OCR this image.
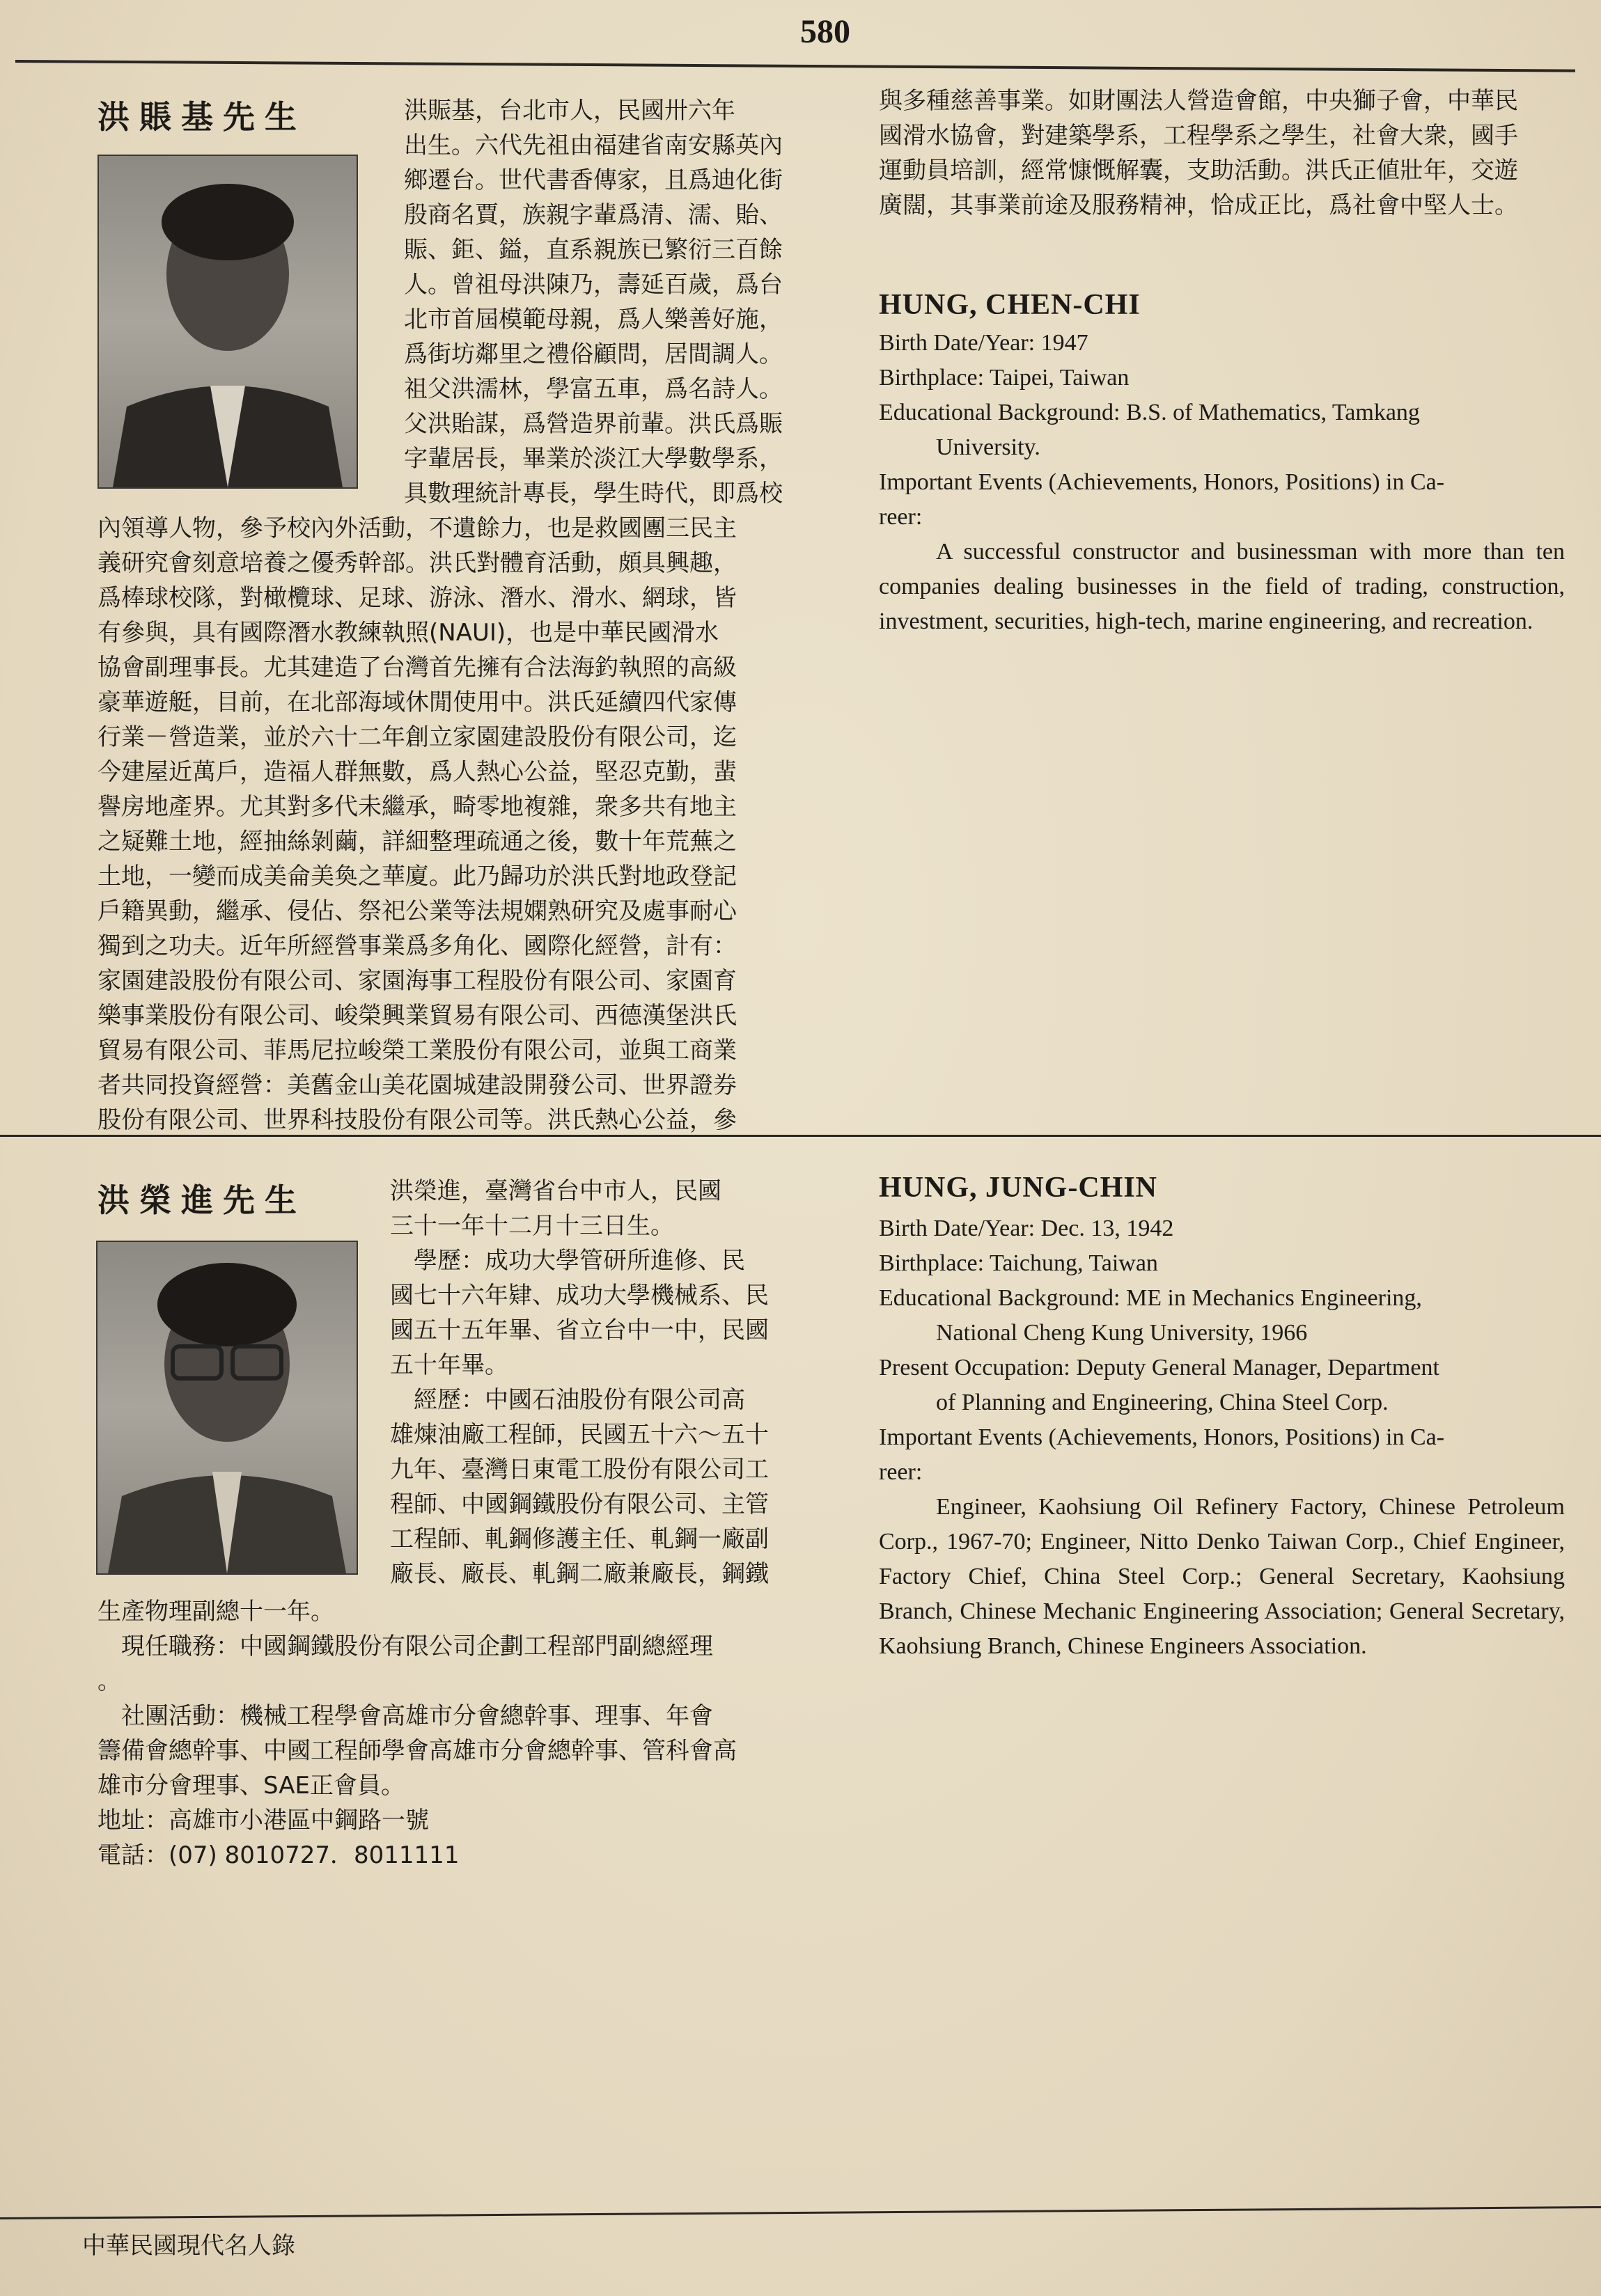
580
洪賬基先生	洪賑基，台北市人，民國卅六年
出生。六代先祖由福建省南安縣英內
鄉遷台。世代書香傳家，且爲迪化街
殷商名賈，族親字輩爲清、濡、貽、
賑、鉅、鎰，直系親族已繁衍三百餘
人。曾祖母洪陳乃，壽延百歲，爲台
北市首屆模範母親，爲人樂善好施，
爲街坊鄰里之禮俗顧問，居間調人。
祖父洪濡林，學富五車，爲名詩人。
父洪貽謀，爲營造界前輩。洪氏爲賑
字輩居長，畢業於淡江大學數學系，
具數理統計專長，學生時代，即爲校
內領導人物，參予校內外活動，不遺餘力，也是救國團三民主
義研究會刻意培養之優秀幹部。洪氏對體育活動，頗具興趣，
爲棒球校隊，對橄欖球、足球、游泳、潛水、滑水、網球，皆
有參與，具有國際潛水教練執照(NAUI)，也是中華民國滑水
協會副理事長。尤其建造了台灣首先擁有合法海釣執照的高級
豪華遊艇，目前，在北部海域休閒使用中。洪氏延續四代家傳
行業－營造業，並於六十二年創立家園建設股份有限公司，迄
今建屋近萬戶，造福人群無數，爲人熱心公益，堅忍克勤，蜚
譽房地產界。尤其對多代未繼承，畸零地複雜，衆多共有地主
之疑難土地，經抽絲剝繭，詳細整理疏通之後，數十年荒蕪之
土地，一變而成美侖美奐之華廈。此乃歸功於洪氏對地政登記
戶籍異動，繼承、侵佔、祭祀公業等法規嫻熟研究及處事耐心
獨到之功夫。近年所經營事業爲多角化、國際化經營，計有：
家園建設股份有限公司、家園海事工程股份有限公司、家園育
樂事業股份有限公司、峻榮興業貿易有限公司、西德漢堡洪氏
貿易有限公司、菲馬尼拉峻榮工業股份有限公司，並與工商業
者共同投資經營：美舊金山美花園城建設開發公司、世界證券
股份有限公司、世界科技股份有限公司等。洪氏熱心公益，參
與多種慈善事業。如財團法人營造會館，中央獅子會，中華民
國滑水協會，對建築學系，工程學系之學生，社會大衆，國手
運動員培訓，經常慷慨解囊，支助活動。洪氏正値壯年，交遊
廣闊，其事業前途及服務精神，恰成正比，爲社會中堅人士。
HUNG, CHEN-CHI
Birth Date/Year: 1947
Birthplace: Taipei, Taiwan
Educational Background: B.S. of Mathematics, Tamkang
University.
Important Events (Achievements, Honors, Positions) in Ca-
reer:
A successful constructor and businessman with more than ten companies dealing businesses in the field of trading, construction, investment, securities, high-tech, marine engineering, and recreation.
洪榮進先生	洪榮進，臺灣省台中市人，民國
三十一年十二月十三日生。
　學歷：成功大學管研所進修、民
國七十六年肄、成功大學機械系、民
國五十五年畢、省立台中一中，民國
五十年畢。
　經歷：中國石油股份有限公司高
雄煉油廠工程師，民國五十六～五十
九年、臺灣日東電工股份有限公司工
程師、中國鋼鐵股份有限公司、主管
工程師、軋鋼修護主任、軋鋼一廠副
廠長、廠長、軋鋼二廠兼廠長，鋼鐵
生產物理副總十一年。
　現任職務：中國鋼鐵股份有限公司企劃工程部門副總經理
。
　社團活動：機械工程學會高雄市分會總幹事、理事、年會
籌備會總幹事、中國工程師學會高雄市分會總幹事、管科會高
雄市分會理事、SAE正會員。
地址：高雄市小港區中鋼路一號
電話：(07) 8010727．8011111
HUNG, JUNG-CHIN
Birth Date/Year: Dec. 13, 1942
Birthplace: Taichung, Taiwan
Educational Background: ME in Mechanics Engineering,
National Cheng Kung University, 1966
Present Occupation: Deputy General Manager, Department
of Planning and Engineering, China Steel Corp.
Important Events (Achievements, Honors, Positions) in Ca-
reer:
Engineer, Kaohsiung Oil Refinery Factory, Chinese Petroleum Corp., 1967-70; Engineer, Nitto Denko Taiwan Corp., Chief Engineer, Factory Chief, China Steel Corp.; General Secretary, Kaohsiung Branch, Chinese Mechanic Engineering Association; General Secretary, Kaohsiung Branch, Chinese Engineers Association.
中華民國現代名人錄
